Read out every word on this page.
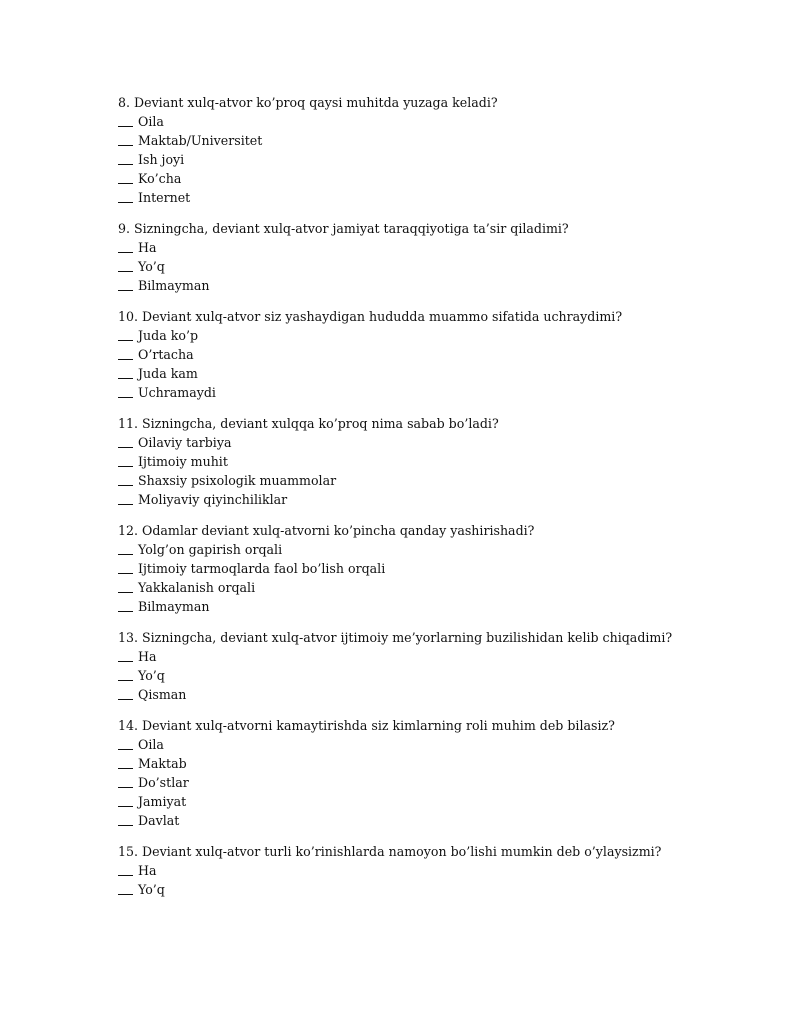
8. Deviant xulq-atvor ko’proq qaysi muhitda yuzaga keladi?
Oila
Maktab/Universitet
Ish joyi
Ko’cha
Internet
9. Sizningcha, deviant xulq-atvor jamiyat taraqqiyotiga ta’sir qiladimi?
Ha
Yo’q
Bilmayman
10. Deviant xulq-atvor siz yashaydigan hududda muammo sifatida uchraydimi?
Juda ko’p
O’rtacha
Juda kam
Uchramaydi
11. Sizningcha, deviant xulqqa ko’proq nima sabab bo’ladi?
Oilaviy tarbiya
Ijtimoiy muhit
Shaxsiy psixologik muammolar
Moliyaviy qiyinchiliklar
12. Odamlar deviant xulq-atvorni ko’pincha qanday yashirishadi?
Yolg’on gapirish orqali
Ijtimoiy tarmoqlarda faol bo’lish orqali
Yakkalanish orqali
Bilmayman
13. Sizningcha, deviant xulq-atvor ijtimoiy me’yorlarning buzilishidan kelib chiqadimi?
Ha
Yo’q
Qisman
14. Deviant xulq-atvorni kamaytirishda siz kimlarning roli muhim deb bilasiz?
Oila
Maktab
Do’stlar
Jamiyat
Davlat
15. Deviant xulq-atvor turli ko’rinishlarda namoyon bo’lishi mumkin deb o’ylaysizmi?
Ha
Yo’q
